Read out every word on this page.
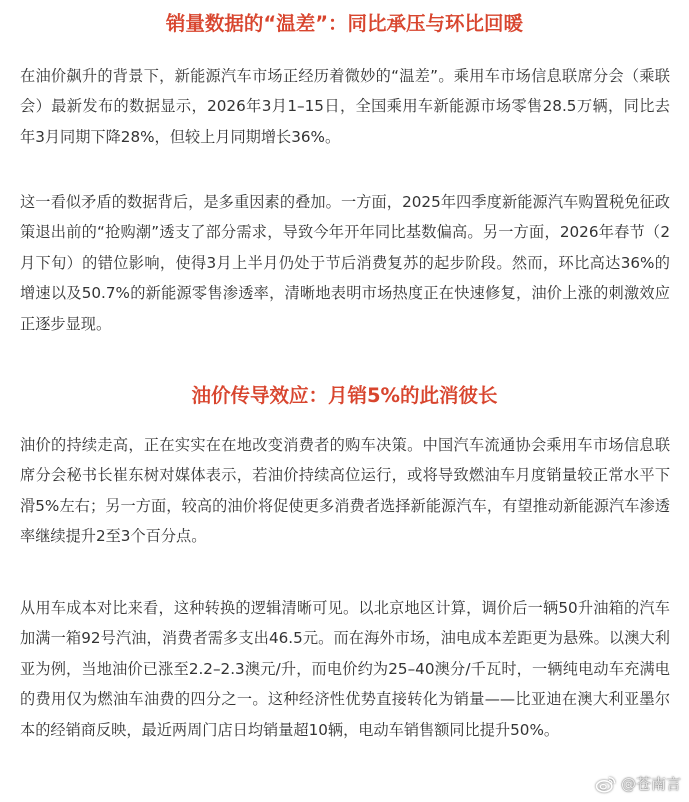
销量数据的“温差”：同比承压与环比回暖

在油价飙升的背景下，新能源汽车市场正经历着微妙的“温差”。乘用车市场信息联席分会（乘联会）最新发布的数据显示，2026年3月1–15日，全国乘用车新能源市场零售28.5万辆，同比去年3月同期下降28%，但较上月同期增长36%。

这一看似矛盾的数据背后，是多重因素的叠加。一方面，2025年四季度新能源汽车购置税免征政策退出前的“抢购潮”透支了部分需求，导致今年开年同比基数偏高。另一方面，2026年春节（2月下旬）的错位影响，使得3月上半月仍处于节后消费复苏的起步阶段。然而，环比高达36%的增速以及50.7%的新能源零售渗透率，清晰地表明市场热度正在快速修复，油价上涨的刺激效应正逐步显现。

油价传导效应：月销5%的此消彼长

油价的持续走高，正在实实在在地改变消费者的购车决策。中国汽车流通协会乘用车市场信息联席分会秘书长崔东树对媒体表示，若油价持续高位运行，或将导致燃油车月度销量较正常水平下滑5%左右；另一方面，较高的油价将促使更多消费者选择新能源汽车，有望推动新能源汽车渗透率继续提升2至3个百分点。

从用车成本对比来看，这种转换的逻辑清晰可见。以北京地区计算，调价后一辆50升油箱的汽车加满一箱92号汽油，消费者需多支出46.5元。而在海外市场，油电成本差距更为悬殊。以澳大利亚为例，当地油价已涨至2.2–2.3澳元/升，而电价约为25–40澳分/千瓦时，一辆纯电动车充满电的费用仅为燃油车油费的四分之一。这种经济性优势直接转化为销量——比亚迪在澳大利亚墨尔本的经销商反映，最近两周门店日均销量超10辆，电动车销售额同比提升50%。

@苍南言
